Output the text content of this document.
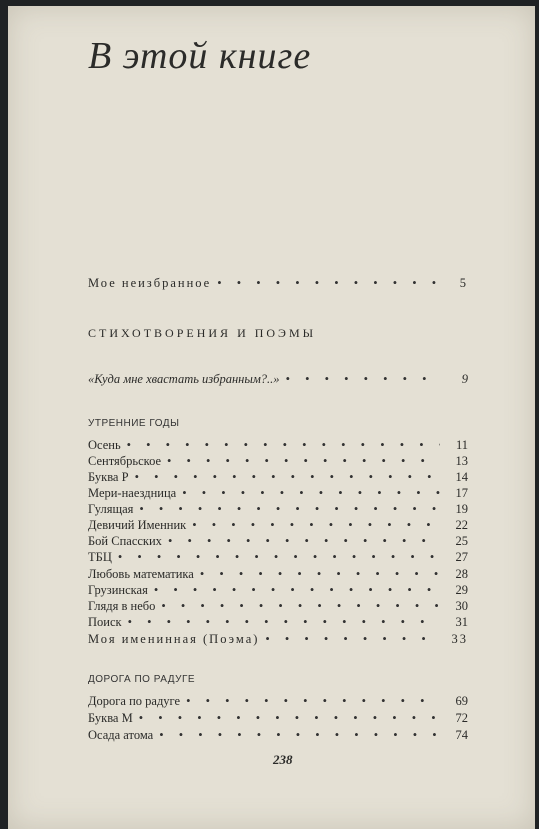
В этой книге
Мое неизбранное • • •	5
СТИХОТВОРЕНИЯ И ПОЭМЫ
«Куда мне хвастать избранным?..» • • •	9
УТРЕННИЕ ГОДЫ
Осень • • •	11
Сентябрьское • • •	13
Буква Р • • •	14
Мери-наездница • • •	17
Гулящая • • •	19
Девичий Именник • • •	22
Бой Спасских • • •	25
ТБЦ • • •	27
Любовь математика • • •	28
Грузинская • • •	29
Глядя в небо • • •	30
Поиск • • •	31
Моя именинная (Поэма) • • •	33
ДОРОГА ПО РАДУГЕ
Дорога по радуге • • •	69
Буква М • • •	72
Осада атома • • •	74
238
